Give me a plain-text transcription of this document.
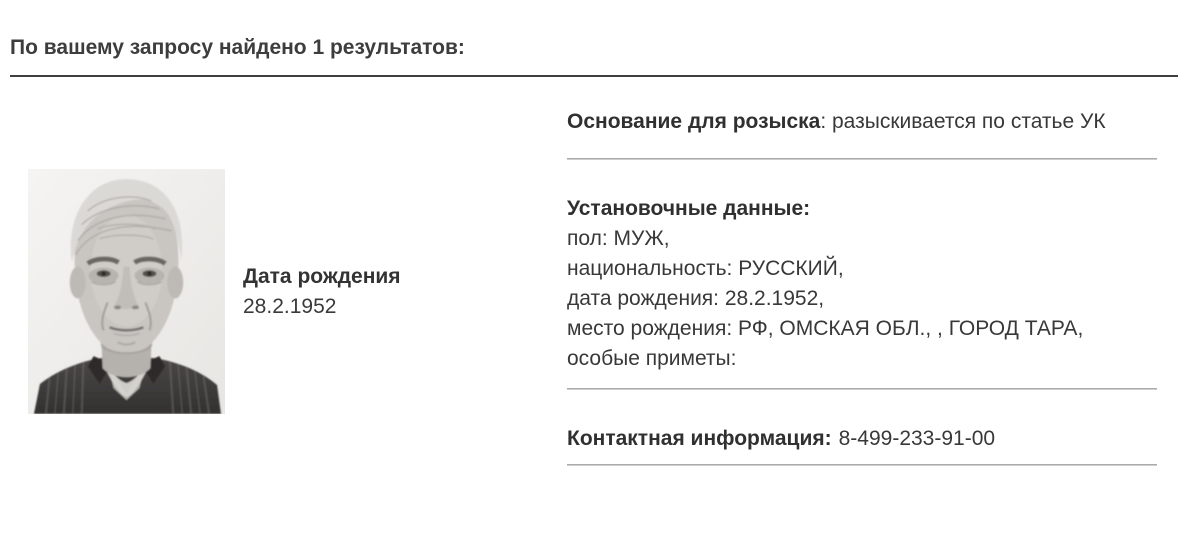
По вашему запросу найдено 1 результатов:
Дата рождения
28.2.1952
Основание для розыска: разыскивается по статье УК
Установочные данные:
пол: МУЖ,
национальность: РУССКИЙ,
дата рождения: 28.2.1952,
место рождения: РФ, ОМСКАЯ ОБЛ., , ГОРОД ТАРА,
особые приметы:
Контактная информация: 8-499-233-91-00
